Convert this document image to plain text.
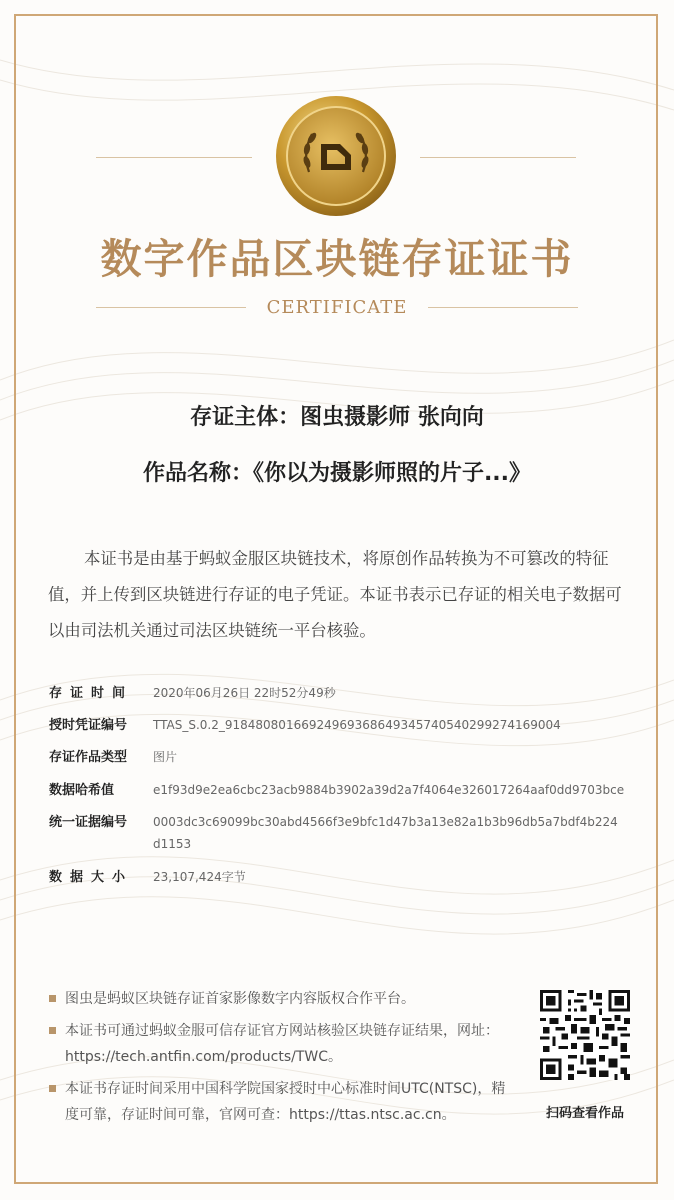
数字作品区块链存证证书
CERTIFICATE
存证主体：图虫摄影师 张向向
作品名称：《你以为摄影师照的片子...》

本证书是由基于蚂蚁金服区块链技术，将原创作品转换为不可篡改的特征值，并上传到区块链进行存证的电子凭证。本证书表示已存证的相关电子数据可以由司法机关通过司法区块链统一平台核验。

存证时间	2020年06月26日 22时52分49秒
授时凭证编号	TTAS_S.0.2_91848080166924969368649345740540299274169004
存证作品类型	图片
数据哈希值	e1f93d9e2ea6cbc23acb9884b3902a39d2a7f4064e326017264aaf0dd9703bce
统一证据编号	0003dc3c69099bc30abd4566f3e9bfc1d47b3a13e82a1b3b96db5a7bdf4b224d1153
数据大小	23,107,424字节
图虫是蚂蚁区块链存证首家影像数字内容版权合作平台。
本证书可通过蚂蚁金服可信存证官方网站核验区块链存证结果，网址：https://tech.antfin.com/products/TWC。
本证书存证时间采用中国科学院国家授时中心标准时间UTC(NTSC)，精度可靠，存证时间可靠，官网可查：https://ttas.ntsc.ac.cn。	扫码查看作品
